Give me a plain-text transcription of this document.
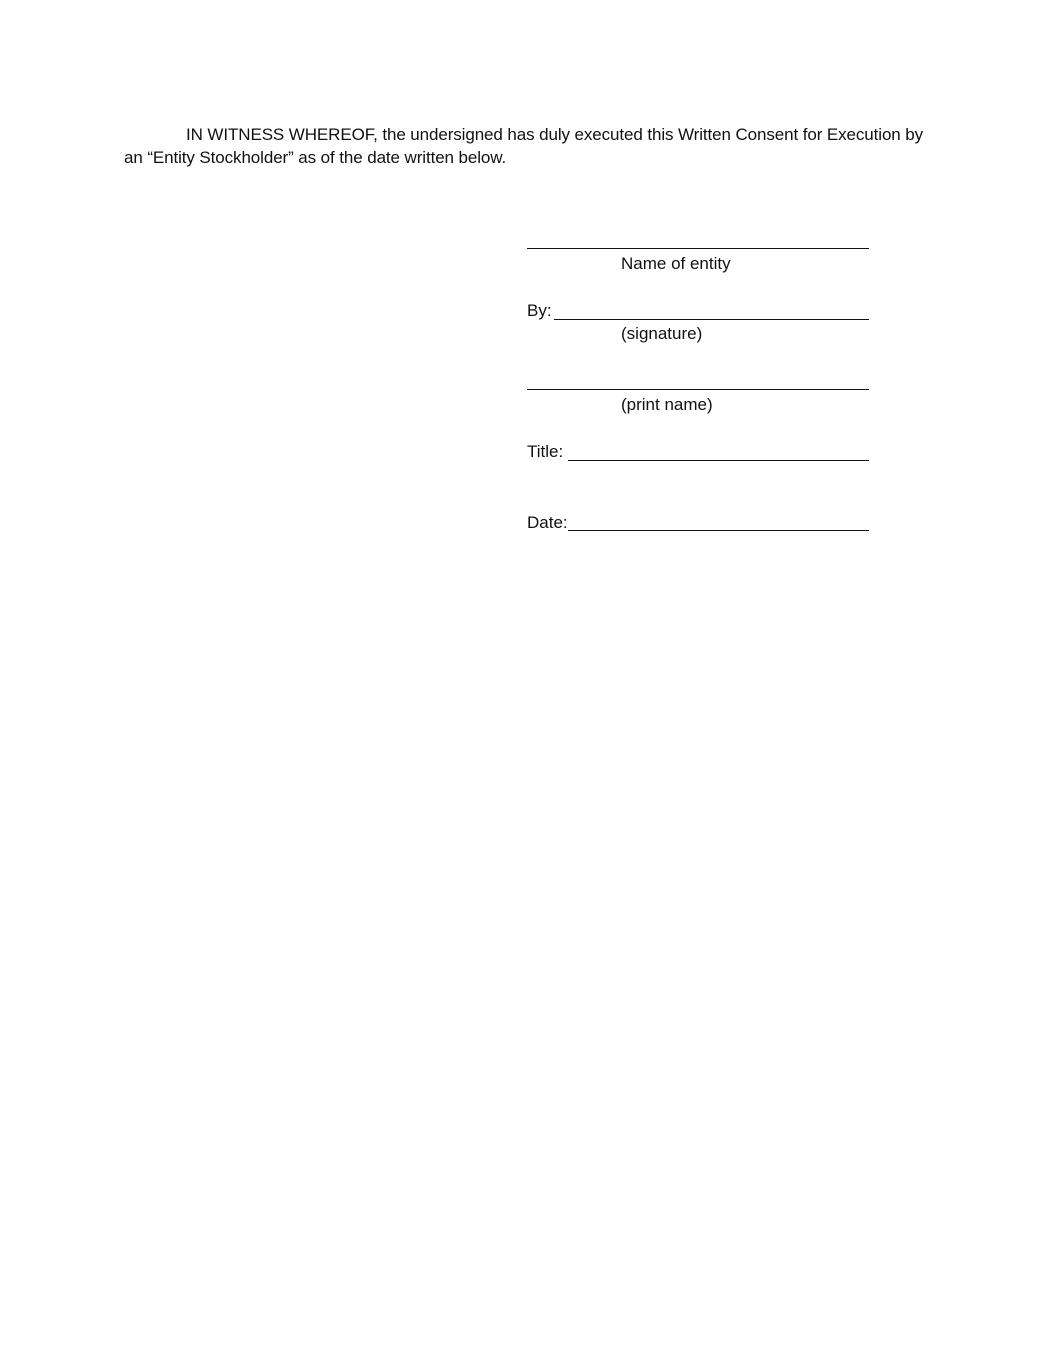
IN WITNESS WHEREOF, the undersigned has duly executed this Written Consent for Execution by an “Entity Stockholder” as of the date written below.

Name of entity
By:
(signature)
(print name)
Title:
Date:
